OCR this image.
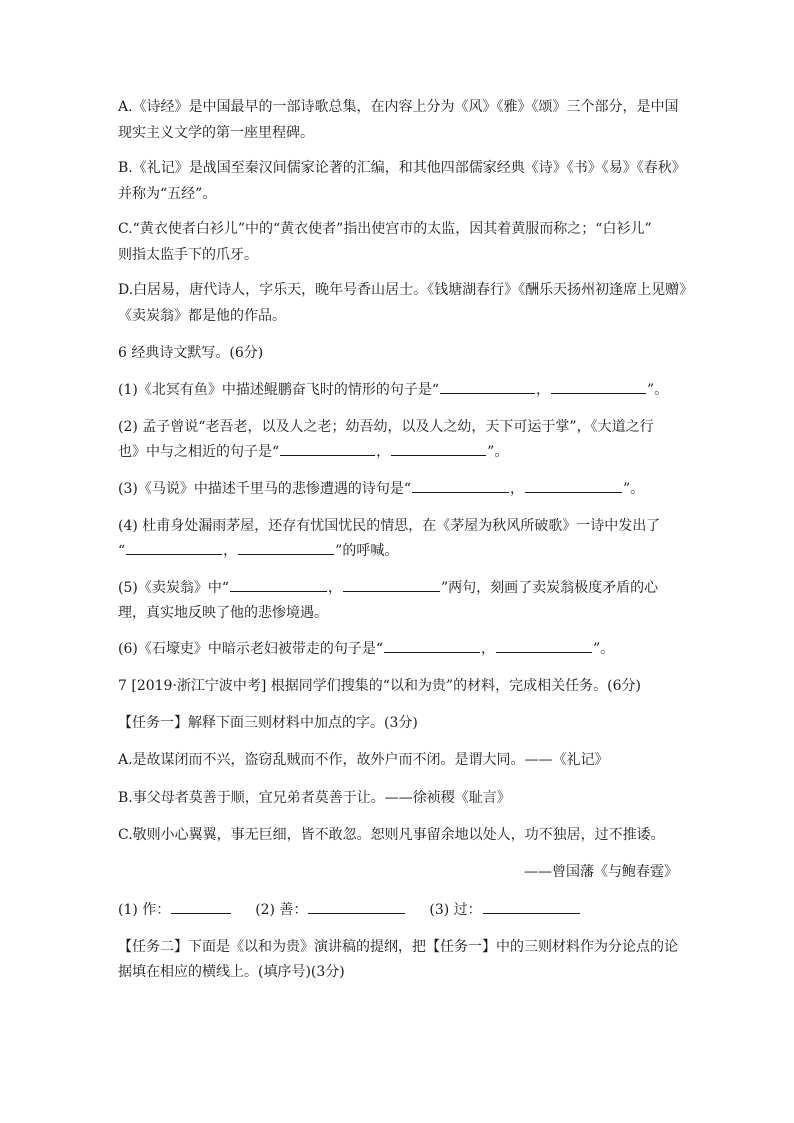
A.《诗经》是中国最早的一部诗歌总集，在内容上分为《风》《雅》《颂》三个部分，是中国
现实主义文学的第一座里程碑。
B.《礼记》是战国至秦汉间儒家论著的汇编，和其他四部儒家经典《诗》《书》《易》《春秋》
并称为“五经”。
C.“黄衣使者白衫儿”中的“黄衣使者”指出使宫市的太监，因其着黄服而称之；“白衫儿”
则指太监手下的爪牙。
D.白居易，唐代诗人，字乐天，晚年号香山居士。《钱塘湖春行》《酬乐天扬州初逢席上见赠》
《卖炭翁》都是他的作品。
6 经典诗文默写。(6分)
(1)《北冥有鱼》中描述鲲鹏奋飞时的情形的句子是“	，	”。
(2) 孟子曾说“老吾老，以及人之老；幼吾幼，以及人之幼，天下可运于掌”，《大道之行
也》中与之相近的句子是“	，	”。
(3)《马说》中描述千里马的悲惨遭遇的诗句是“	，	”。
(4) 杜甫身处漏雨茅屋，还存有忧国忧民的情思，在《茅屋为秋风所破歌》一诗中发出了
“	，	”的呼喊。
(5)《卖炭翁》中“	，	”两句，刻画了卖炭翁极度矛盾的心
理，真实地反映了他的悲惨境遇。
(6)《石壕吏》中暗示老妇被带走的句子是“	，	”。
7 [2019·浙江宁波中考] 根据同学们搜集的“以和为贵”的材料，完成相关任务。(6分)
【任务一】解释下面三则材料中加点的字。(3分)
A.是故谋闭而不兴，盗窃乱贼而不作，故外户而不闭。是谓大同。——《礼记》
B.事父母者莫善于顺，宜兄弟者莫善于让。——徐祯稷《耻言》
C.敬则小心翼翼，事无巨细，皆不敢忽。恕则凡事留余地以处人，功不独居，过不推诿。
——曾国藩《与鲍春霆》
(1) 作：	(2) 善：	(3) 过：
【任务二】下面是《以和为贵》演讲稿的提纲，把【任务一】中的三则材料作为分论点的论
据填在相应的横线上。(填序号)(3分)
